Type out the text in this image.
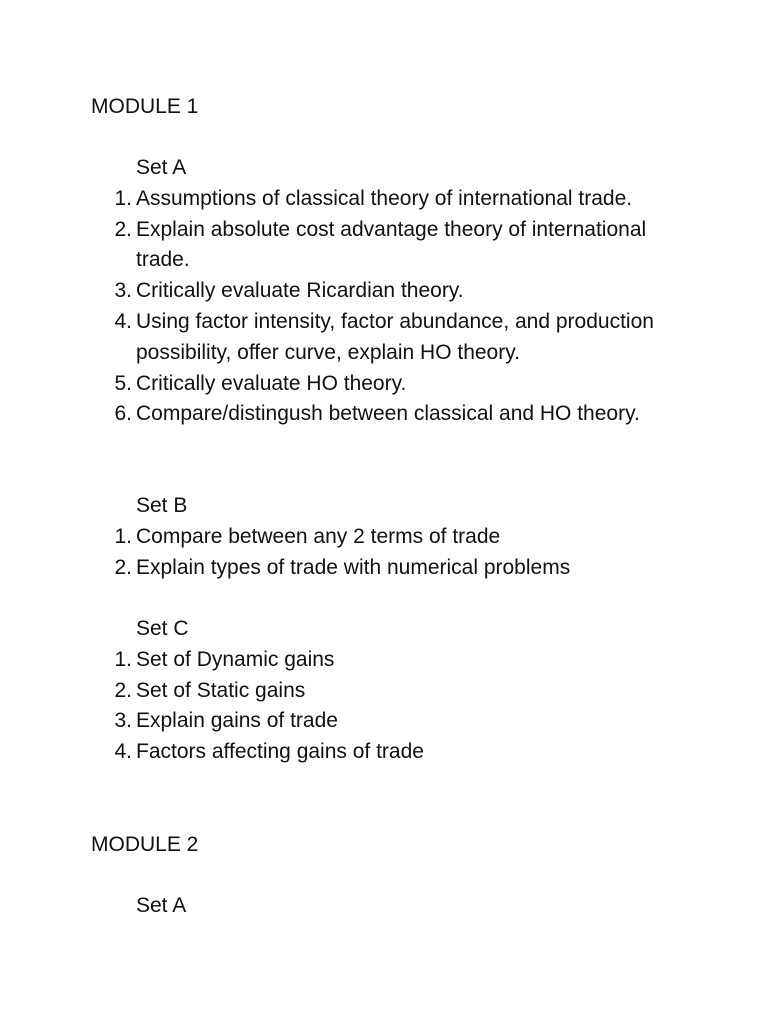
MODULE 1
Set A
1. Assumptions of classical theory of international trade.
2. Explain absolute cost advantage theory of international trade.
3. Critically evaluate Ricardian theory.
4. Using factor intensity, factor abundance, and production possibility, offer curve, explain HO theory.
5. Critically evaluate HO theory.
6. Compare/distingush between classical and HO theory.
Set B
1. Compare between any 2 terms of trade
2. Explain types of trade with numerical problems
Set C
1. Set of Dynamic gains
2. Set of Static gains
3. Explain gains of trade
4. Factors affecting gains of trade
MODULE 2
Set A
